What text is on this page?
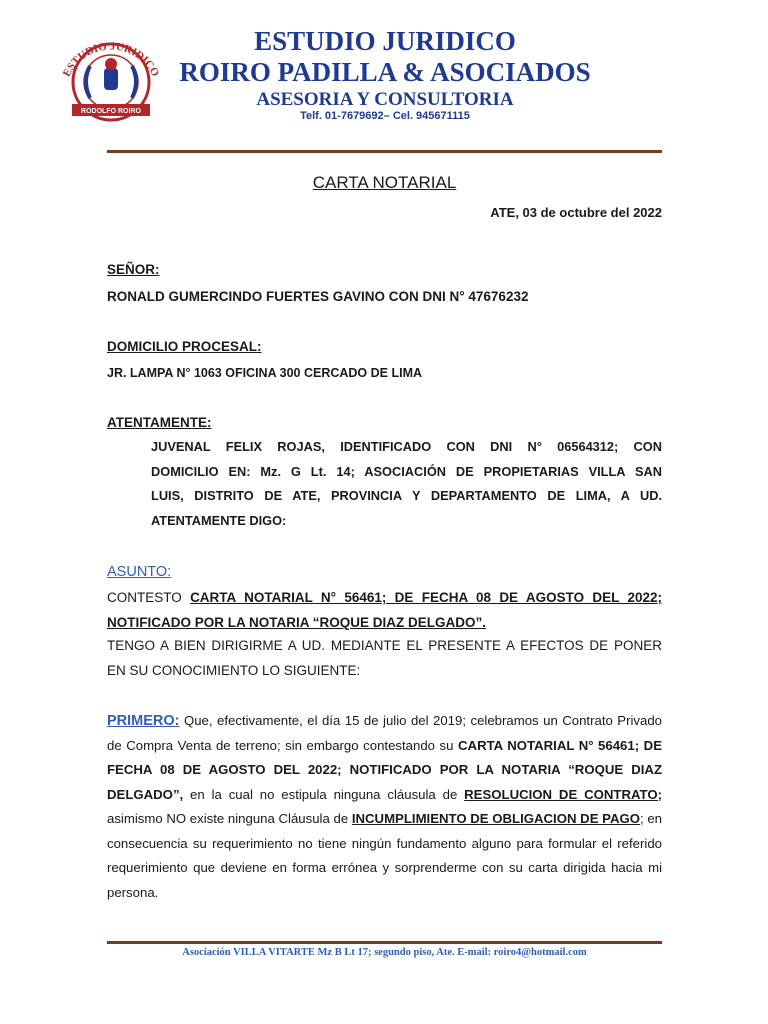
ESTUDIO JURIDICO
RODOLFO ROIRO
ESTUDIO JURIDICO
ROIRO PADILLA & ASOCIADOS
ASESORIA Y CONSULTORIA
Telf. 01-7679692– Cel. 945671115
CARTA NOTARIAL
ATE, 03 de octubre del 2022
SEÑOR:
RONALD GUMERCINDO FUERTES GAVINO CON DNI N° 47676232
DOMICILIO PROCESAL:
JR. LAMPA N° 1063 OFICINA 300 CERCADO DE LIMA
ATENTAMENTE:
JUVENAL FELIX ROJAS, IDENTIFICADO CON DNI N° 06564312; CON
DOMICILIO EN: Mz. G Lt. 14; ASOCIACIÓN DE PROPIETARIAS VILLA SAN
LUIS, DISTRITO DE ATE, PROVINCIA Y DEPARTAMENTO DE LIMA, A UD.
ATENTAMENTE DIGO:
ASUNTO:
CONTESTO CARTA NOTARIAL N° 56461; DE FECHA 08 DE AGOSTO DEL 2022;
NOTIFICADO POR LA NOTARIA “ROQUE DIAZ DELGADO”.
TENGO A BIEN DIRIGIRME A UD. MEDIANTE EL PRESENTE A EFECTOS DE PONER
EN SU CONOCIMIENTO LO SIGUIENTE:
PRIMERO: Que, efectivamente, el día 15 de julio del 2019; celebramos un Contrato Privado de Compra Venta de terreno; sin embargo contestando su CARTA NOTARIAL N° 56461; DE FECHA 08 DE AGOSTO DEL 2022; NOTIFICADO POR LA NOTARIA “ROQUE DIAZ DELGADO”, en la cual no estipula ninguna cláusula de RESOLUCION DE CONTRATO; asimismo NO existe ninguna Cláusula de INCUMPLIMIENTO DE OBLIGACION DE PAGO; en consecuencia su requerimiento no tiene ningún fundamento alguno para formular el referido requerimiento que deviene en forma errónea y sorprenderme con su carta dirigida hacia mi persona.
Asociación VILLA VITARTE Mz B Lt 17; segundo piso, Ate. E-mail: roiro4@hotmail.com
